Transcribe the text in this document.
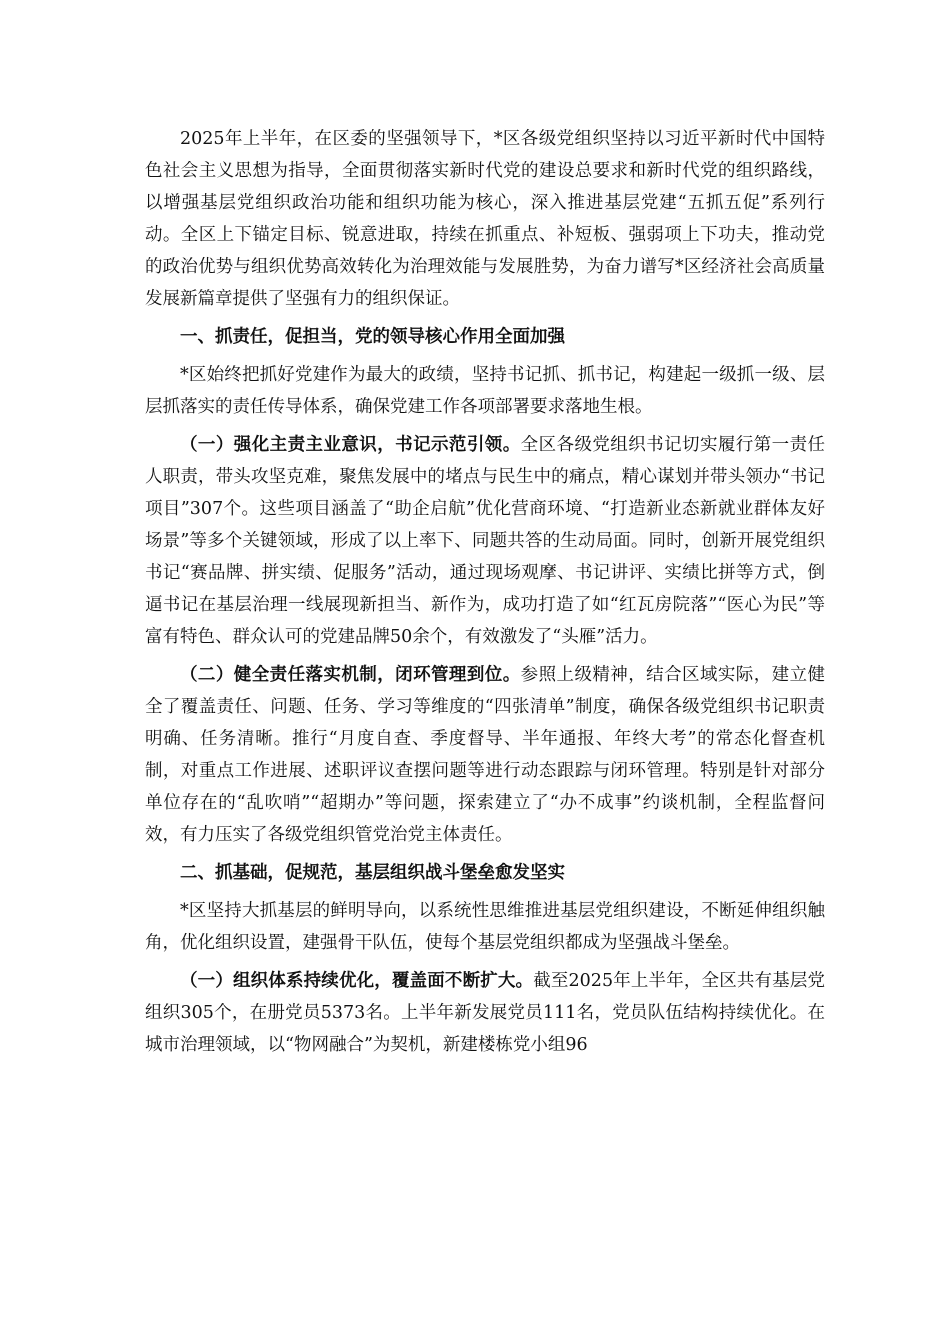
2025年上半年，在区委的坚强领导下，*区各级党组织坚持以习近平新时代中国特色社会主义思想为指导，全面贯彻落实新时代党的建设总要求和新时代党的组织路线，以增强基层党组织政治功能和组织功能为核心，深入推进基层党建“五抓五促”系列行动。全区上下锚定目标、锐意进取，持续在抓重点、补短板、强弱项上下功夫，推动党的政治优势与组织优势高效转化为治理效能与发展胜势，为奋力谱写*区经济社会高质量发展新篇章提供了坚强有力的组织保证。

一、抓责任，促担当，党的领导核心作用全面加强

*区始终把抓好党建作为最大的政绩，坚持书记抓、抓书记，构建起一级抓一级、层层抓落实的责任传导体系，确保党建工作各项部署要求落地生根。

（一）强化主责主业意识，书记示范引领。全区各级党组织书记切实履行第一责任人职责，带头攻坚克难，聚焦发展中的堵点与民生中的痛点，精心谋划并带头领办“书记项目”307个。这些项目涵盖了“助企启航”优化营商环境、“打造新业态新就业群体友好场景”等多个关键领域，形成了以上率下、同题共答的生动局面。同时，创新开展党组织书记“赛品牌、拼实绩、促服务”活动，通过现场观摩、书记讲评、实绩比拼等方式，倒逼书记在基层治理一线展现新担当、新作为，成功打造了如“红瓦房院落”“医心为民”等富有特色、群众认可的党建品牌50余个，有效激发了“头雁”活力。

（二）健全责任落实机制，闭环管理到位。参照上级精神，结合区域实际，建立健全了覆盖责任、问题、任务、学习等维度的“四张清单”制度，确保各级党组织书记职责明确、任务清晰。推行“月度自查、季度督导、半年通报、年终大考”的常态化督查机制，对重点工作进展、述职评议查摆问题等进行动态跟踪与闭环管理。特别是针对部分单位存在的“乱吹哨”“超期办”等问题，探索建立了“办不成事”约谈机制，全程监督问效，有力压实了各级党组织管党治党主体责任。

二、抓基础，促规范，基层组织战斗堡垒愈发坚实

*区坚持大抓基层的鲜明导向，以系统性思维推进基层党组织建设，不断延伸组织触角，优化组织设置，建强骨干队伍，使每个基层党组织都成为坚强战斗堡垒。

（一）组织体系持续优化，覆盖面不断扩大。截至2025年上半年，全区共有基层党组织305个，在册党员5373名。上半年新发展党员111名，党员队伍结构持续优化。在城市治理领域，以“物网融合”为契机，新建楼栋党小组96
